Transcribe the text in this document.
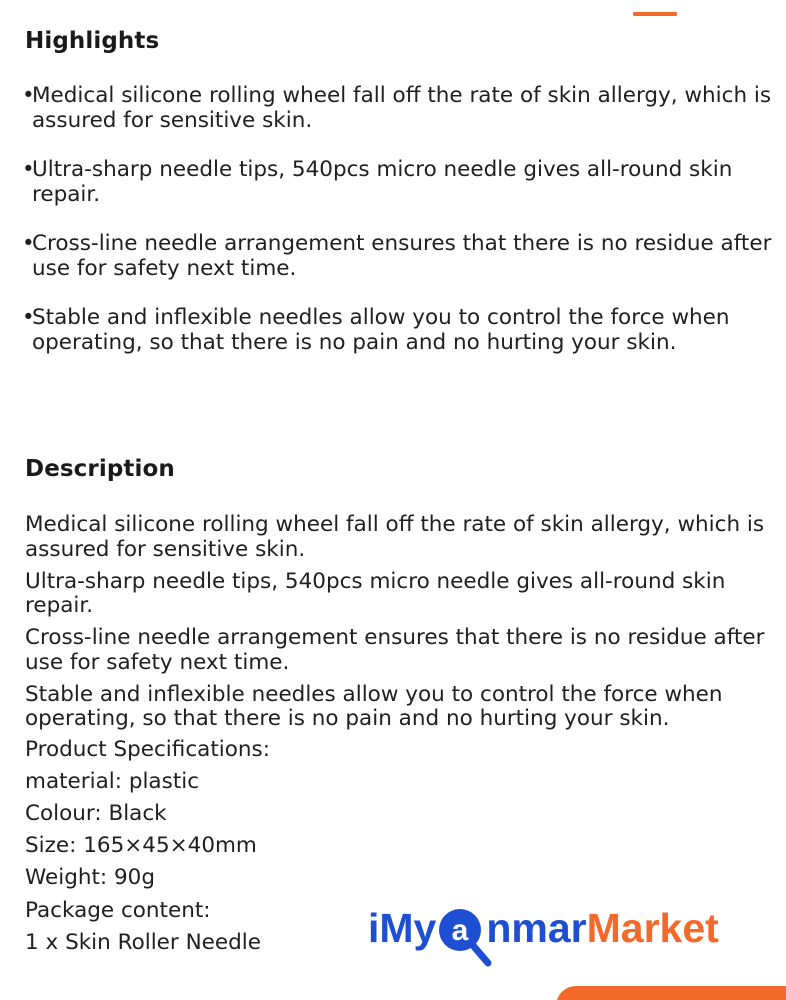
Highlights
•
Medical silicone rolling wheel fall off the rate of skin allergy, which is assured for sensitive skin.
•
Ultra-sharp needle tips, 540pcs micro needle gives all-round skin repair.
•
Cross-line needle arrangement ensures that there is no residue after use for safety next time.
•
Stable and inflexible needles allow you to control the force when operating, so that there is no pain and no hurting your skin.
Description

Medical silicone rolling wheel fall off the rate of skin allergy, which is assured for sensitive skin.

Ultra-sharp needle tips, 540pcs micro needle gives all-round skin repair.

Cross-line needle arrangement ensures that there is no residue after use for safety next time.

Stable and inflexible needles allow you to control the force when operating, so that there is no pain and no hurting your skin.

Product Specifications:
material: plastic
Colour: Black
Size: 165×45×40mm
Weight: 90g
Package content:
1 x Skin Roller Needle	iMy a nmar Market
